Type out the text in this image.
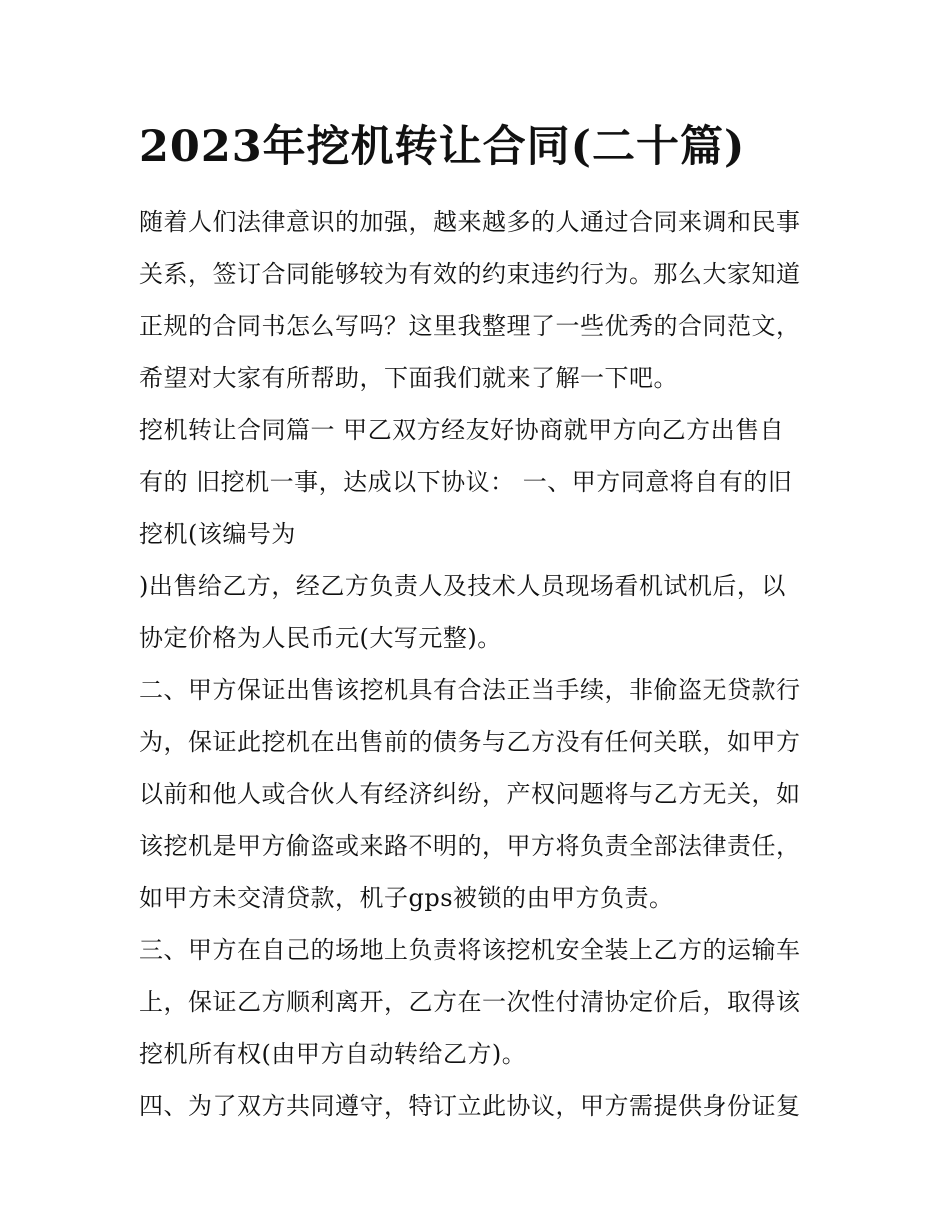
2023年挖机转让合同(二十篇)
随着人们法律意识的加强，越来越多的人通过合同来调和民事
关系，签订合同能够较为有效的约束违约行为。那么大家知道
正规的合同书怎么写吗？这里我整理了一些优秀的合同范文，
希望对大家有所帮助，下面我们就来了解一下吧。
挖机转让合同篇一 甲乙双方经友好协商就甲方向乙方出售自
有的 旧挖机一事，达成以下协议： 一、甲方同意将自有的旧
挖机(该编号为
)出售给乙方，经乙方负责人及技术人员现场看机试机后，以
协定价格为人民币元(大写元整)。
二、甲方保证出售该挖机具有合法正当手续，非偷盗无贷款行
为，保证此挖机在出售前的债务与乙方没有任何关联，如甲方
以前和他人或合伙人有经济纠纷，产权问题将与乙方无关，如
该挖机是甲方偷盗或来路不明的，甲方将负责全部法律责任，
如甲方未交清贷款，机子gps被锁的由甲方负责。
三、甲方在自己的场地上负责将该挖机安全装上乙方的运输车
上，保证乙方顺利离开，乙方在一次性付清协定价后，取得该
挖机所有权(由甲方自动转给乙方)。
四、为了双方共同遵守，特订立此协议，甲方需提供身份证复
